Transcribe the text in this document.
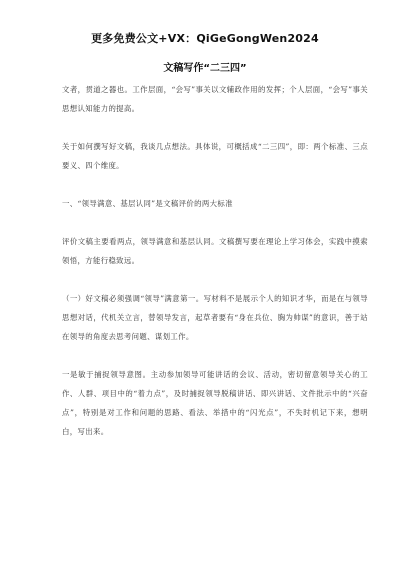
更多免费公文+VX：QiGeGongWen2024

文稿写作“二三四”

文者，贯道之器也。工作层面，“会写”事关以文辅政作用的发挥；个人层面，“会写”事关思想认知能力的提高。

关于如何撰写好文稿，我谈几点想法。具体说，可概括成“二三四”，即：两个标准、三点要义、四个维度。

一、“领导满意、基层认同”是文稿评价的两大标准

评价文稿主要看两点，领导满意和基层认同。文稿撰写要在理论上学习体会，实践中摸索领悟，方能行稳致远。

（一）好文稿必须强调“领导”满意第一。写材料不是展示个人的知识才华，而是在与领导思想对话，代机关立言，替领导发言，起草者要有“身在兵位、胸为帅谋”的意识，善于站在领导的角度去思考问题、谋划工作。

一是敏于捕捉领导意图。主动参加领导可能讲话的会议、活动，密切留意领导关心的工作、人群、项目中的“着力点”，及时捕捉领导脱稿讲话、即兴讲话、文件批示中的“兴奋点”，特别是对工作和问题的思路、看法、举措中的“闪光点”，不失时机记下来，想明白，写出来。
